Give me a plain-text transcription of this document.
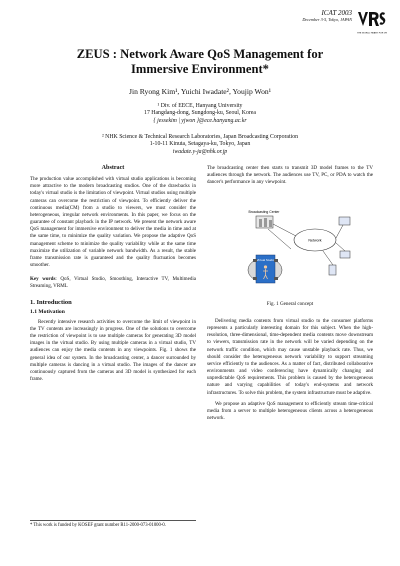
ICAT 2003
December 3-5, Tokyo, JAPAN
THE WORLD HEART FOR VR
ZEUS : Network Aware QoS Management for
Immersive Environment*
Jin Ryong Kim¹, Yuichi Iwadate², Youjip Won¹
¹ Div. of EECE, Hanyang University
17 Hangdang-dong, Sungdong-ku, Seoul, Korea
{ jessekim | yjwon }@ece.hanyang.ac.kr
² NHK Science & Technical Research Laboratories, Japan Broadcasting Corporation
1-10-11 Kinuta, Setagaya-ku, Tokyo, Japan
iwadate.y-ja@nhk.or.jp
Abstract

The production value accomplished with virtual studio applications is becoming more attractive to the modern broadcasting studios. One of the drawbacks in today's virtual studio is the limitation of viewpoint. Virtual studios using multiple cameras can overcome the restriction of viewpoint. To efficiently deliver the continuous media(CM) from a studio to viewers, we must consider the heterogeneous, irregular network environments. In this paper, we focus on the guarantee of constant playback in the IP network. We present the network aware QoS management for immersive environment to deliver the media in time and at the same time, to minimize the quality variation. We propose the adaptive QoS management scheme to minimize the quality variability while at the same time maximize the utilization of variable network bandwidth. As a result, the stable frame transmission rate is guaranteed and the quality fluctuation becomes smoother.

Key words: QoS, Virtual Studio, Smoothing, Interactive TV, Multimedia Streaming, VRML

1. Introduction
1.1 Motivation

Recently intensive research activities to overcome the limit of viewpoint in the TV contents are increasingly in progress. One of the solutions to overcome the restriction of viewpoint is to use multiple cameras for generating 3D model images in the virtual studio. By using multiple cameras in a virtual studio, TV audiences can enjoy the media contents in any viewpoints. Fig. 1 shows the general idea of our system. In the broadcasting center, a dancer surrounded by multiple cameras is dancing in a virtual studio. The images of the dancer are continuously captured from the cameras and 3D model is synthesized for each frame.

* This work is funded by KOSEF grant number R11-2000-073-01000-0.

The broadcasting center then starts to transmit 3D model frames to the TV audiences through the network. The audiences use TV, PC, or PDA to watch the dancer's performance in any viewpoint.

Broadcasting Center
Network
Virtual Studio
Fig. 1 General concept

Delivering media contents from virtual studio to the consumer platforms represents a particularly interesting domain for this subject. When the high-resolution, three-dimensional, time-dependent media contents move downstream to viewers, transmission rate in the network will be varied depending on the network traffic condition, which may cause unstable playback rate. Thus, we should consider the heterogeneous network variability to support streaming service efficiently to the audiences. As a matter of fact, distributed collaborative environments and video conferencing have dynamically changing and unpredictable QoS requirements. This problem is caused by the heterogeneous nature and varying capabilities of today's end-systems and network infrastructures. To solve this problem, the system infrastructure must be adaptive.

We propose an adaptive QoS management to efficiently stream time-critical media from a server to multiple heterogeneous clients across a heterogeneous network.
